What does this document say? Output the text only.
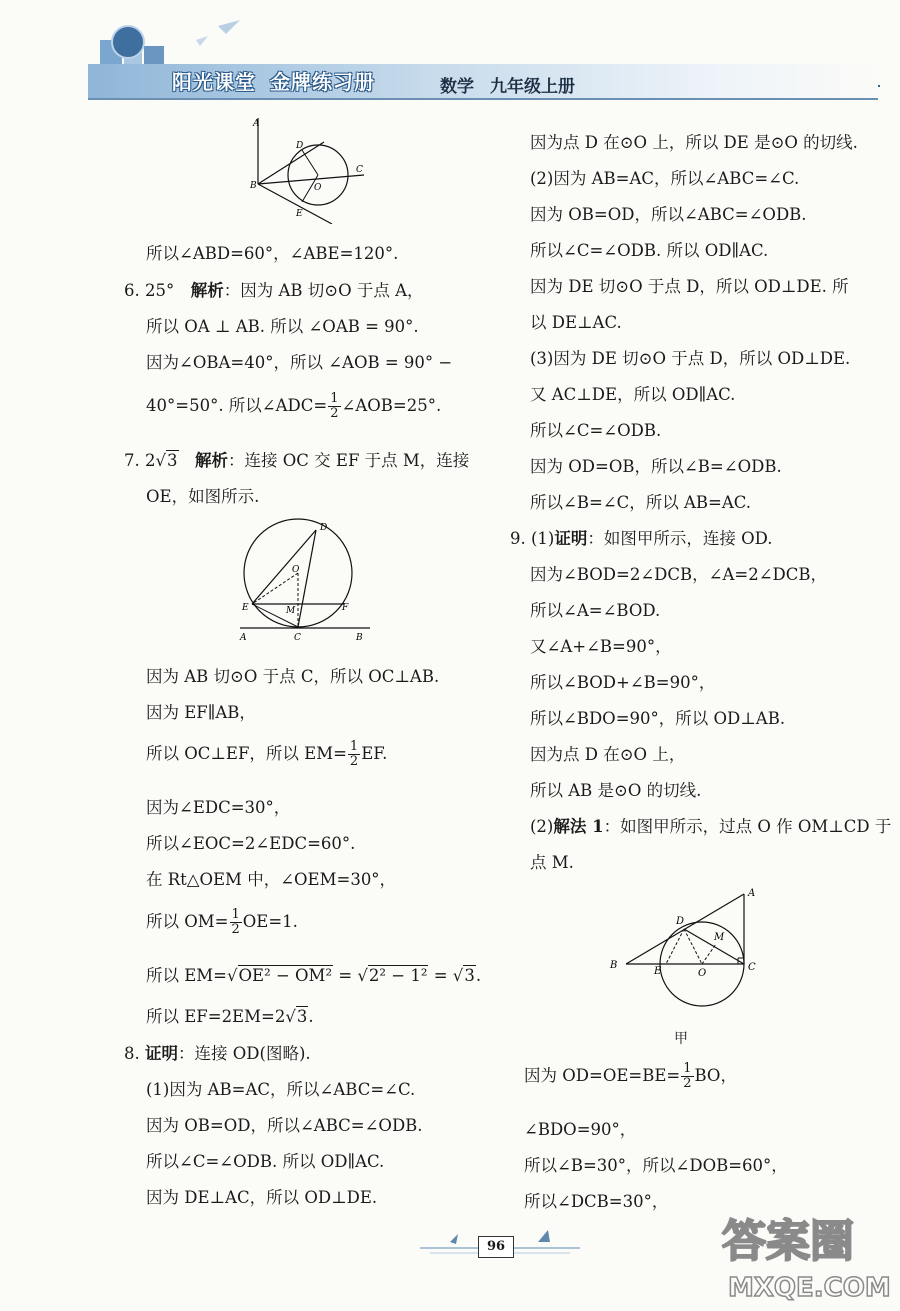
阳光课堂 金牌练习册	数学 九年级上册
A
D
B	O
C
E
所以∠ABD=60°，∠ABE=120°.
6. 25°　 解析：因为 AB 切⊙O 于点 A，
所以 OA ⊥ AB. 所以 ∠OAB = 90°.
因为∠OBA=40°，所以 ∠AOB = 90° −
40°=50°. 所以∠ADC= $\frac{1}{2}$ ∠AOB=25°.
7. 2√3　 解析：连接 OC 交 EF 于点 M，连接
OE，如图所示.
因为 AB 切⊙O 于点 C，所以 OC⊥AB.
因为 EF∥AB，
所以 OC⊥EF，所以 $EM= \frac{1}{2}$ EF.
因为∠EDC=30°，
所以∠EOC=2∠EDC=60°.
在 Rt△OEM 中，∠OEM=30°，
所以 $OM= \frac{1}{2} OE=1$.
所以 EM=√OE² − OM² = √2² − 1² = √3.
所以 EF=2EM=2√3.
8. 证明：连接 OD(图略).
(1)因为 AB=AC，所以∠ABC=∠C.
因为 OB=OD，所以∠ABC=∠ODB.
所以∠C=∠ODB. 所以 OD∥AC.
因为 DE⊥AC，所以 OD⊥DE.
D
O
E	M	F
A	C	B
因为点 D 在⊙O 上，所以 DE 是⊙O 的切线.
(2)因为 AB=AC，所以∠ABC=∠C.
因为 OB=OD，所以∠ABC=∠ODB.
所以∠C=∠ODB. 所以 OD∥AC.
因为 DE 切⊙O 于点 D，所以 OD⊥DE. 所
以 DE⊥AC.
(3)因为 DE 切⊙O 于点 D，所以 OD⊥DE.
又 AC⊥DE，所以 OD∥AC.
所以∠C=∠ODB.
因为 OD=OB，所以∠B=∠ODB.
所以∠B=∠C，所以 AB=AC.
9. (1)证明：如图甲所示，连接 OD.
因为∠BOD=2∠DCB，∠A=2∠DCB，
所以∠A=∠BOD.
又∠A+∠B=90°，
所以∠BOD+∠B=90°，
所以∠BDO=90°，所以 OD⊥AB.
因为点 D 在⊙O 上，
所以 AB 是⊙O 的切线.
(2)解法 1：如图甲所示，过点 O 作 OM⊥CD 于
点 M.
甲
因为 $OD=OE=BE= \frac{1}{2}$ BO，
∠BDO=90°，
所以∠B=30°，所以∠DOB=60°，
所以∠DCB=30°，
A
D
M
B
E	O
C
96	答案圈
MXQE.COM
